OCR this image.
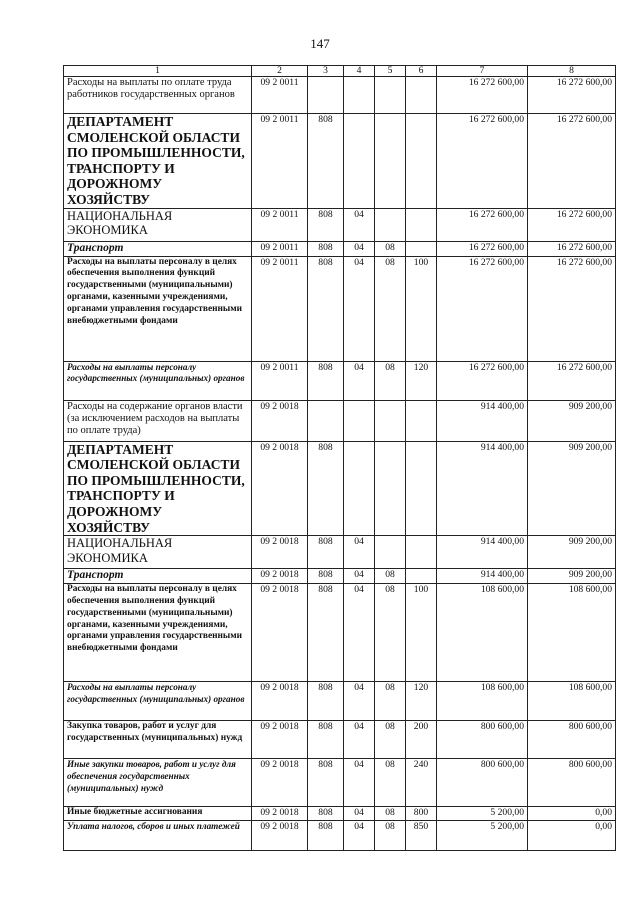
147
1	2	3	4	5	6	7	8
Расходы на выплаты по оплате труда работников государственных органов	09 2 0011					16 272 600,00	16 272 600,00
ДЕПАРТАМЕНТ СМОЛЕНСКОЙ ОБЛАСТИ ПО ПРОМЫШЛЕННОСТИ, ТРАНСПОРТУ И ДОРОЖНОМУ ХОЗЯЙСТВУ	09 2 0011	808				16 272 600,00	16 272 600,00
НАЦИОНАЛЬНАЯ ЭКОНОМИКА	09 2 0011	808	04			16 272 600,00	16 272 600,00
Транспорт	09 2 0011	808	04	08		16 272 600,00	16 272 600,00
Расходы на выплаты персоналу в целях обеспечения выполнения функций государственными (муниципальными) органами, казенными учреждениями, органами управления государственными внебюджетными фондами	09 2 0011	808	04	08	100	16 272 600,00	16 272 600,00
Расходы на выплаты персоналу государственных (муниципальных) органов	09 2 0011	808	04	08	120	16 272 600,00	16 272 600,00
Расходы на содержание органов власти (за исключением расходов на выплаты по оплате труда)	09 2 0018					914 400,00	909 200,00
ДЕПАРТАМЕНТ СМОЛЕНСКОЙ ОБЛАСТИ ПО ПРОМЫШЛЕННОСТИ, ТРАНСПОРТУ И ДОРОЖНОМУ ХОЗЯЙСТВУ	09 2 0018	808				914 400,00	909 200,00
НАЦИОНАЛЬНАЯ ЭКОНОМИКА	09 2 0018	808	04			914 400,00	909 200,00
Транспорт	09 2 0018	808	04	08		914 400,00	909 200,00
Расходы на выплаты персоналу в целях обеспечения выполнения функций государственными (муниципальными) органами, казенными учреждениями, органами управления государственными внебюджетными фондами	09 2 0018	808	04	08	100	108 600,00	108 600,00
Расходы на выплаты персоналу государственных (муниципальных) органов	09 2 0018	808	04	08	120	108 600,00	108 600,00
Закупка товаров, работ и услуг для государственных (муниципальных) нужд	09 2 0018	808	04	08	200	800 600,00	800 600,00
Иные закупки товаров, работ и услуг для обеспечения государственных (муниципальных) нужд	09 2 0018	808	04	08	240	800 600,00	800 600,00
Иные бюджетные ассигнования	09 2 0018	808	04	08	800	5 200,00	0,00
Уплата налогов, сборов и иных платежей	09 2 0018	808	04	08	850	5 200,00	0,00
